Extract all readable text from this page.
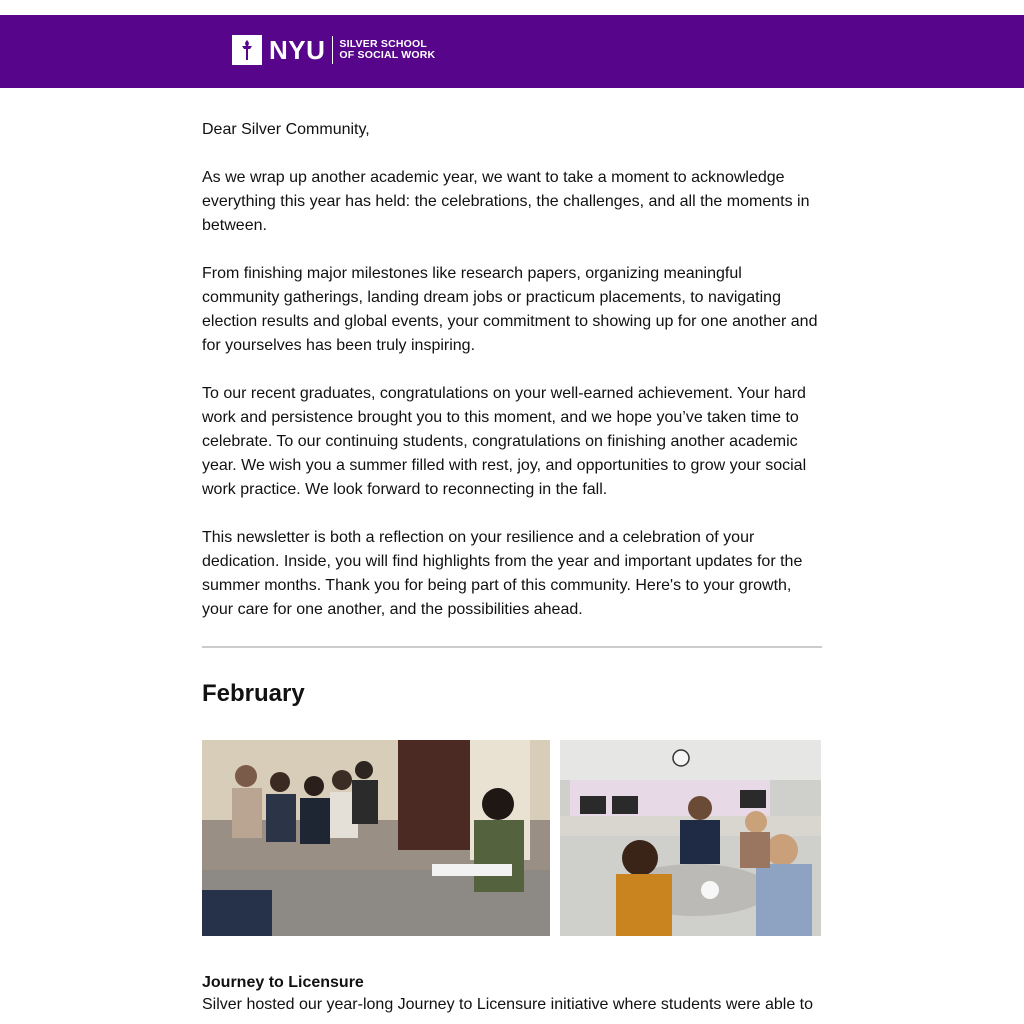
NYU SILVER SCHOOL
OF SOCIAL WORK

Dear Silver Community,

As we wrap up another academic year, we want to take a moment to acknowledge everything this year has held: the celebrations, the challenges, and all the moments in between.

From finishing major milestones like research papers, organizing meaningful community gatherings, landing dream jobs or practicum placements, to navigating election results and global events, your commitment to showing up for one another and for yourselves has been truly inspiring.

To our recent graduates, congratulations on your well-earned achievement. Your hard work and persistence brought you to this moment, and we hope you’ve taken time to celebrate. To our continuing students, congratulations on finishing another academic year. We wish you a summer filled with rest, joy, and opportunities to grow your social work practice. We look forward to reconnecting in the fall.

This newsletter is both a reflection on your resilience and a celebration of your dedication. Inside, you will find highlights from the year and important updates for the summer months. Thank you for being part of this community. Here's to your growth, your care for one another, and the possibilities ahead.

February
Journey to Licensure
Silver hosted our year-long Journey to Licensure initiative where students were able to
